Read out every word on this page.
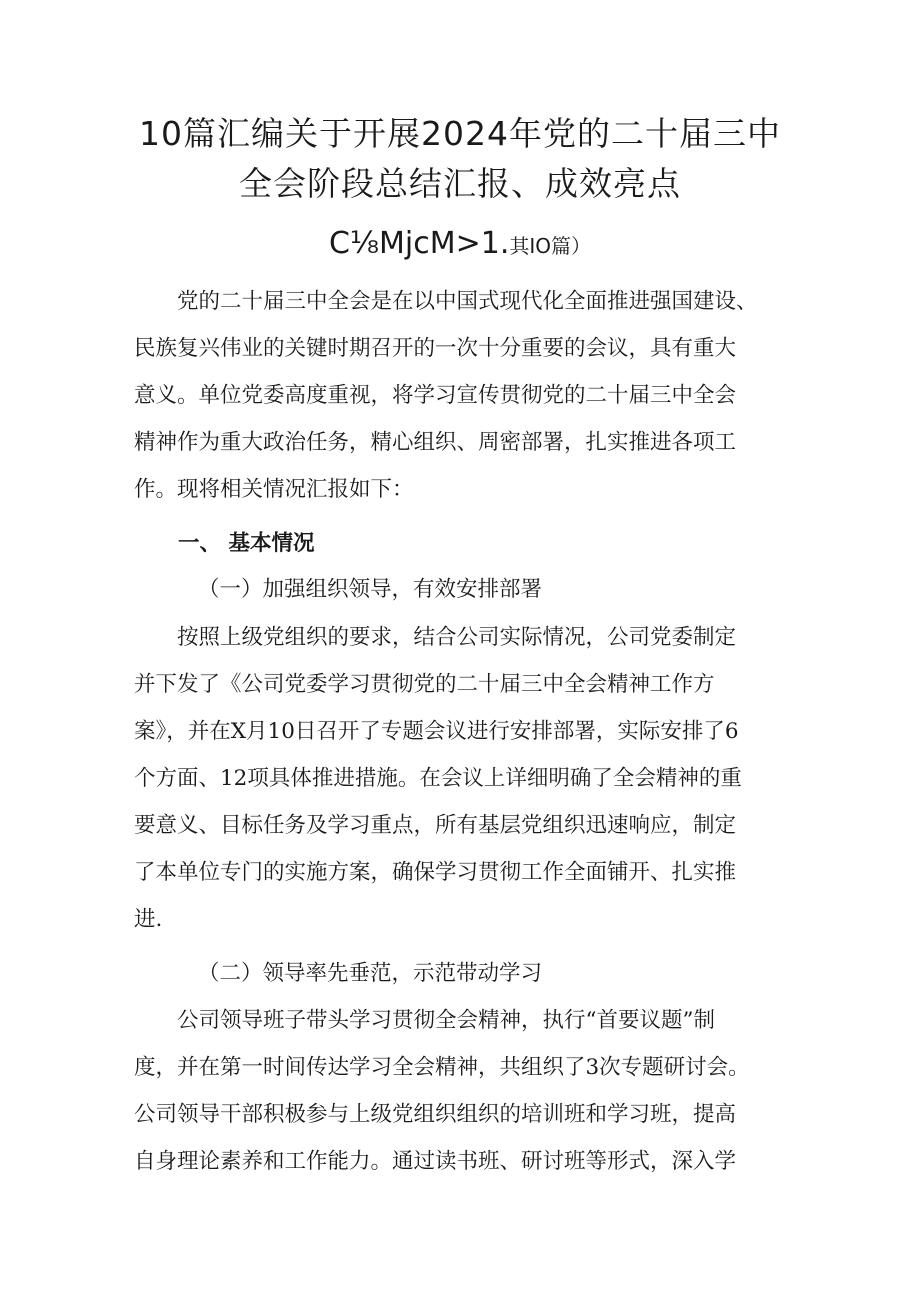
10篇汇编关于开展2024年党的二十届三中
全会阶段总结汇报、成效亮点
C⅛MjcM>1.其IO篇）
党的二十届三中全会是在以中国式现代化全面推进强国建设、
民族复兴伟业的关键时期召开的一次十分重要的会议，具有重大
意义。单位党委高度重视，将学习宣传贯彻党的二十届三中全会
精神作为重大政治任务，精心组织、周密部署，扎实推进各项工
作。现将相关情况汇报如下：
一、 基本情况
（一）加强组织领导，有效安排部署
按照上级党组织的要求，结合公司实际情况，公司党委制定
并下发了《公司党委学习贯彻党的二十届三中全会精神工作方
案》，并在X月10日召开了专题会议进行安排部署，实际安排了6
个方面、12项具体推进措施。在会议上详细明确了全会精神的重
要意义、目标任务及学习重点，所有基层党组织迅速响应，制定
了本单位专门的实施方案，确保学习贯彻工作全面铺开、扎实推
进.
（二）领导率先垂范，示范带动学习
公司领导班子带头学习贯彻全会精神，执行“首要议题”制
度，并在第一时间传达学习全会精神，共组织了3次专题研讨会。
公司领导干部积极参与上级党组织组织的培训班和学习班，提高
自身理论素养和工作能力。通过读书班、研讨班等形式，深入学
